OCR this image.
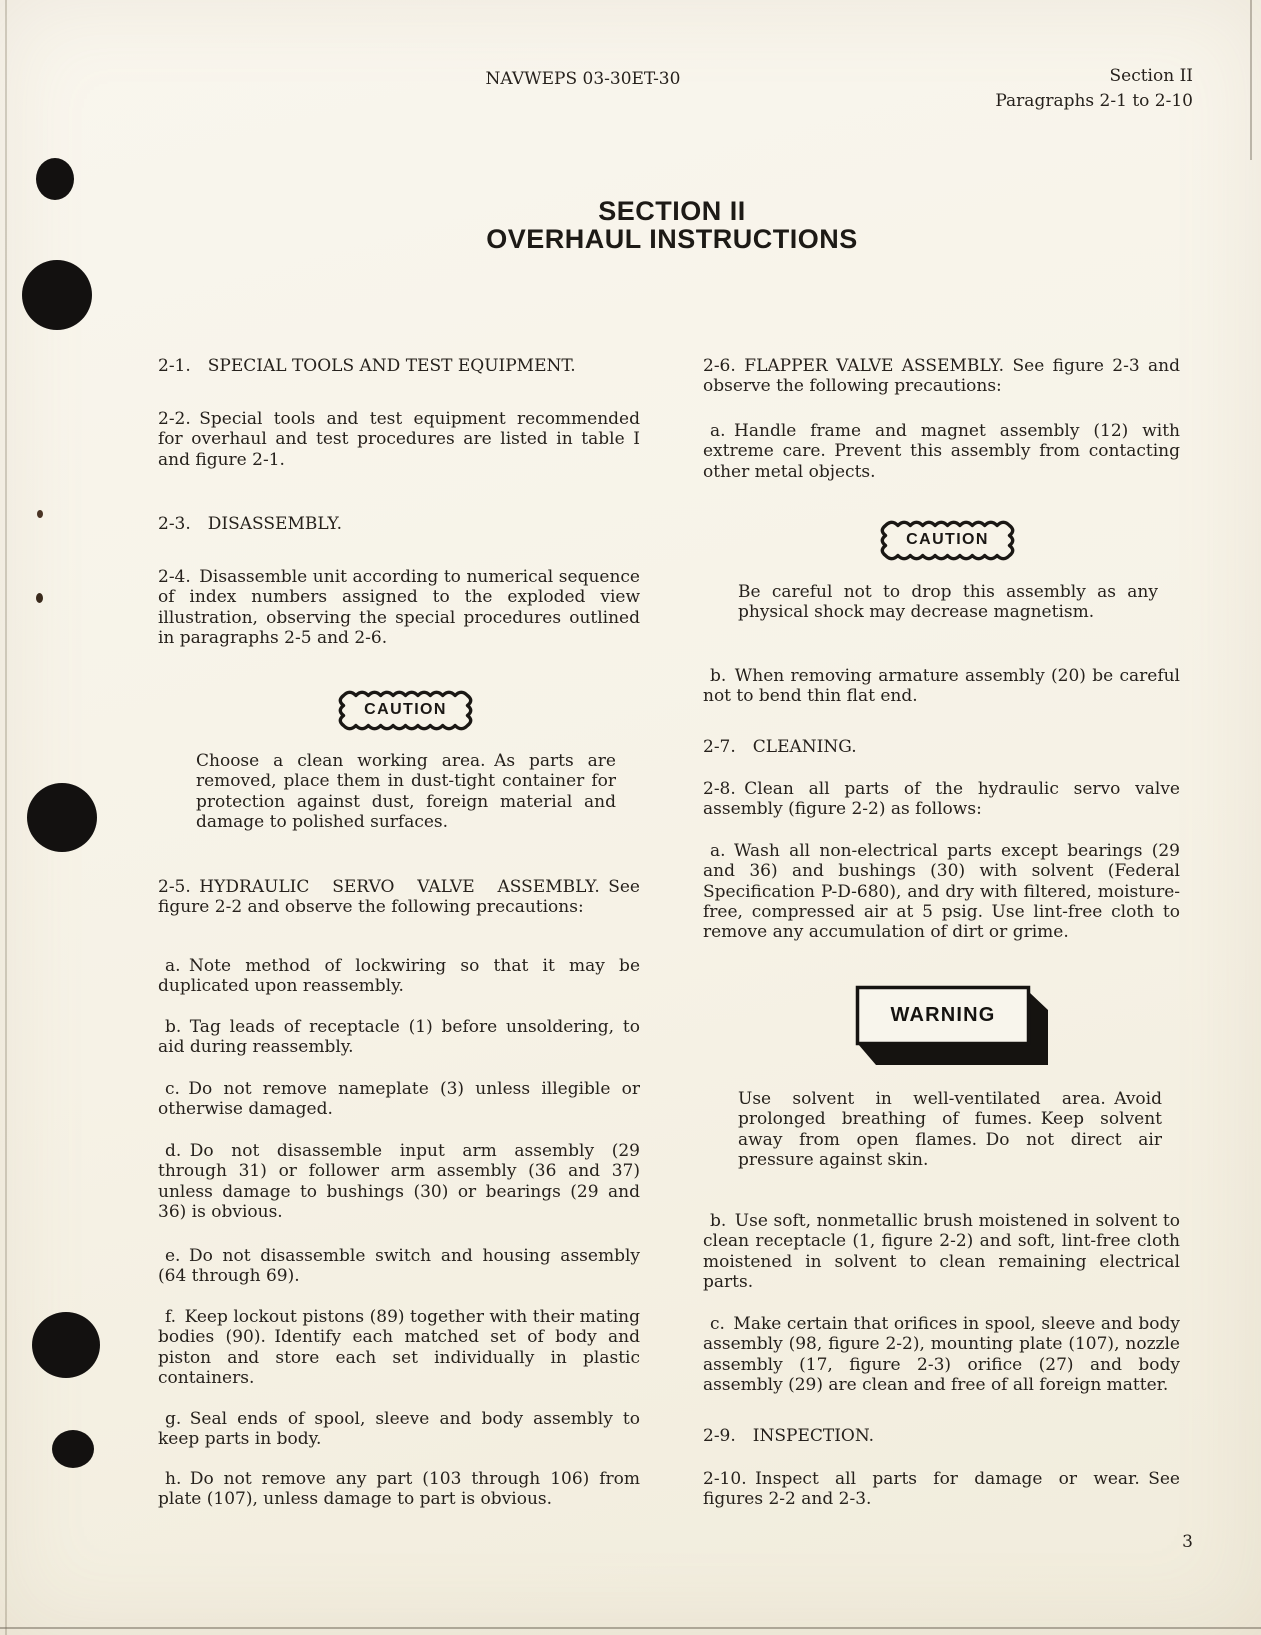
NAVWEPS 03-30ET-30	Section II
Paragraphs 2-1 to 2-10
SECTION II
OVERHAUL INSTRUCTIONS

2-1. SPECIAL TOOLS AND TEST EQUIPMENT.

2-2. Special tools and test equipment recommended for overhaul and test procedures are listed in table I and figure 2-1.

2-3. DISASSEMBLY.

2-4. Disassemble unit according to numerical sequence of index numbers assigned to the exploded view illustration, observing the special procedures outlined in paragraphs 2-5 and 2-6.

CAUTION

Choose a clean working area. As parts are removed, place them in dust-tight container for protection against dust, foreign material and damage to polished surfaces.

2-5. HYDRAULIC SERVO VALVE ASSEMBLY. See figure 2-2 and observe the following precautions:

a. Note method of lockwiring so that it may be duplicated upon reassembly.

b. Tag leads of receptacle (1) before unsoldering, to aid during reassembly.

c. Do not remove nameplate (3) unless illegible or otherwise damaged.

d. Do not disassemble input arm assembly (29 through 31) or follower arm assembly (36 and 37) unless damage to bushings (30) or bearings (29 and 36) is obvious.

e. Do not disassemble switch and housing assembly (64 through 69).

f. Keep lockout pistons (89) together with their mating bodies (90). Identify each matched set of body and piston and store each set individually in plastic containers.

g. Seal ends of spool, sleeve and body assembly to keep parts in body.

h. Do not remove any part (103 through 106) from plate (107), unless damage to part is obvious.

2-6. FLAPPER VALVE ASSEMBLY. See figure 2-3 and observe the following precautions:

a. Handle frame and magnet assembly (12) with extreme care. Prevent this assembly from contacting other metal objects.

CAUTION

Be careful not to drop this assembly as any physical shock may decrease magnetism.

b. When removing armature assembly (20) be careful not to bend thin flat end.

2-7. CLEANING.

2-8. Clean all parts of the hydraulic servo valve assembly (figure 2-2) as follows:

a. Wash all non-electrical parts except bearings (29 and 36) and bushings (30) with solvent (Federal Specification P-D-680), and dry with filtered, moisture-free, compressed air at 5 psig. Use lint-free cloth to remove any accumulation of dirt or grime.

WARNING

Use solvent in well-ventilated area. Avoid prolonged breathing of fumes. Keep solvent away from open flames. Do not direct air pressure against skin.

b. Use soft, nonmetallic brush moistened in solvent to clean receptacle (1, figure 2-2) and soft, lint-free cloth moistened in solvent to clean remaining electrical parts.

c. Make certain that orifices in spool, sleeve and body assembly (98, figure 2-2), mounting plate (107), nozzle assembly (17, figure 2-3) orifice (27) and body assembly (29) are clean and free of all foreign matter.

2-9. INSPECTION.

2-10. Inspect all parts for damage or wear. See figures 2-2 and 2-3.

3
